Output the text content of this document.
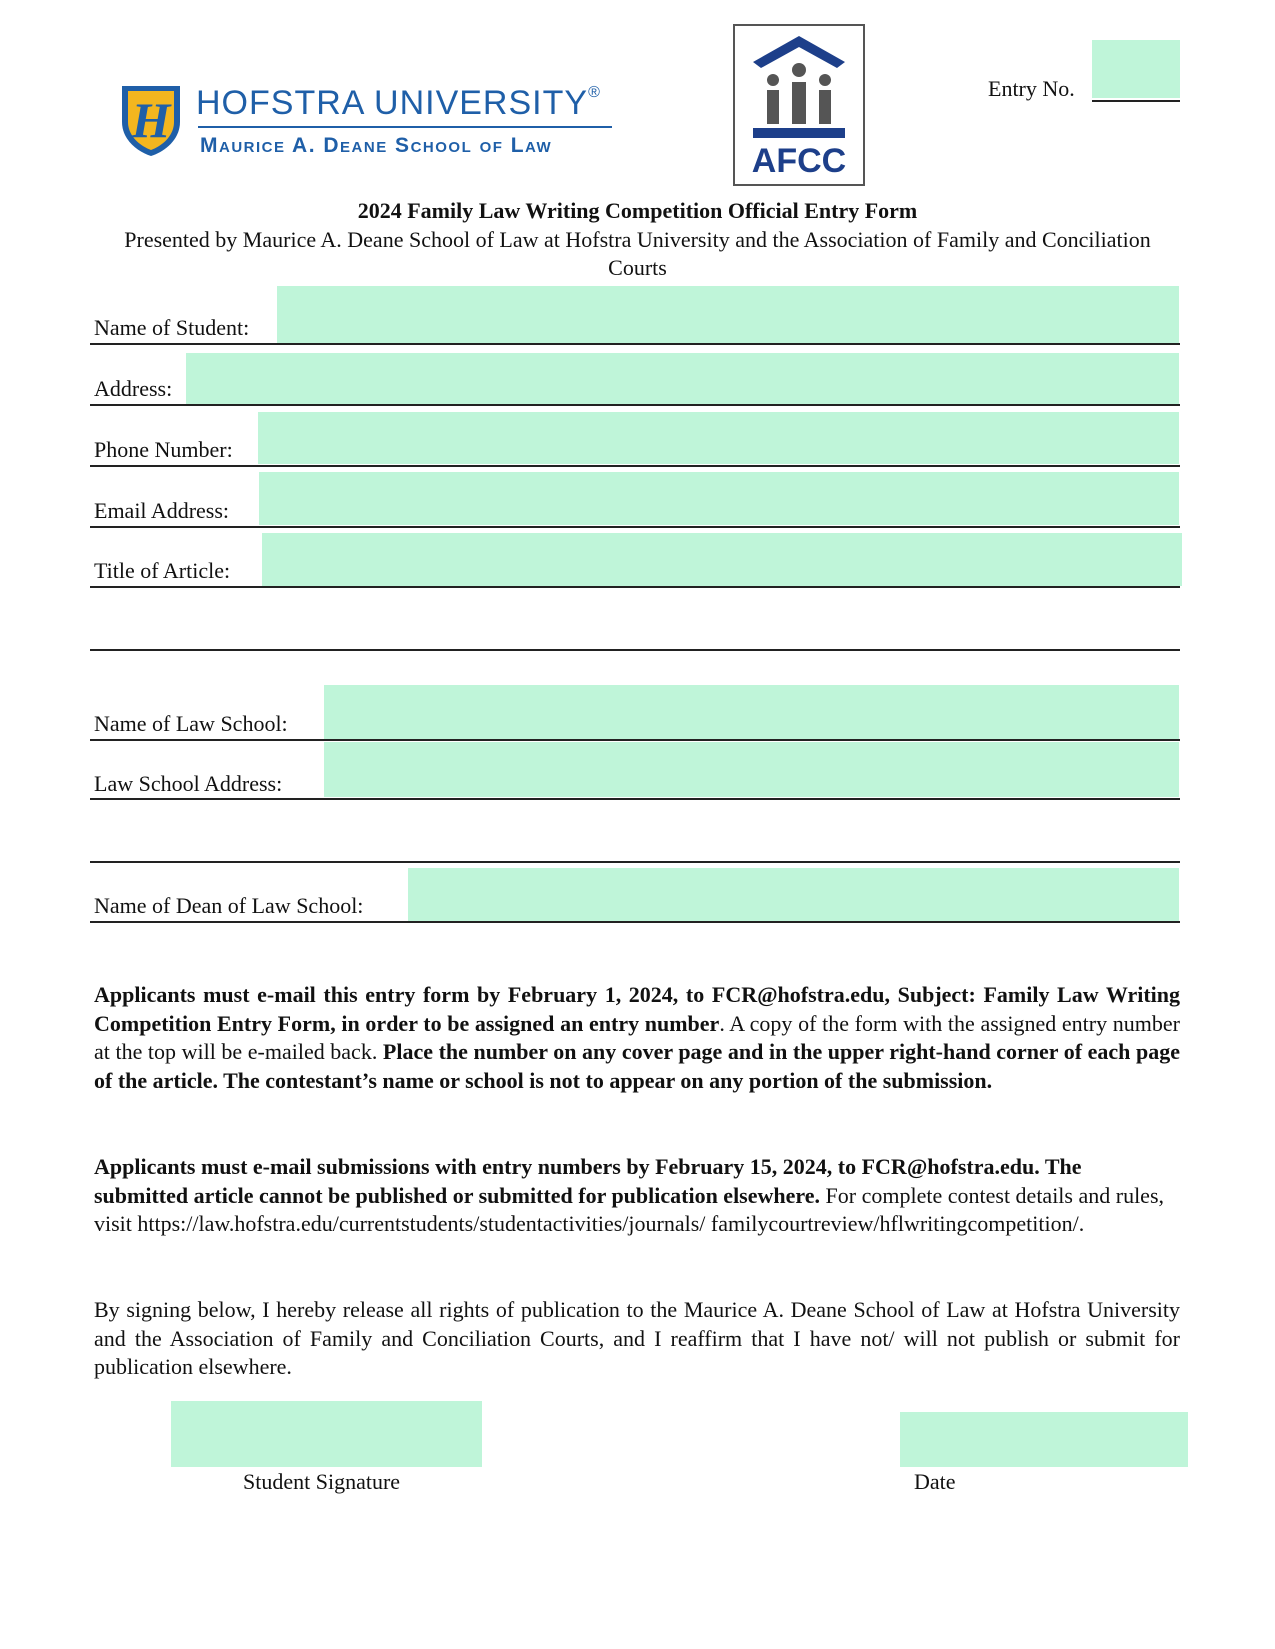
H HOFSTRA UNIVERSITY®
Maurice A. Deane School of Law	AFCC
Entry No.
2024 Family Law Writing Competition Official Entry Form
Presented by Maurice A. Deane School of Law at Hofstra University and the Association of Family and Conciliation Courts
Name of Student:
Address:
Phone Number:
Email Address:
Title of Article:
Name of Law School:
Law School Address:
Name of Dean of Law School:
Applicants must e-mail this entry form by February 1, 2024, to FCR@hofstra.edu, Subject: Family Law Writing Competition Entry Form, in order to be assigned an entry number. A copy of the form with the assigned entry number at the top will be e-mailed back. Place the number on any cover page and in the upper right-hand corner of each page of the article. The contestant’s name or school is not to appear on any portion of the submission.
Applicants must e-mail submissions with entry numbers by February 15, 2024, to FCR@hofstra.edu. The submitted article cannot be published or submitted for publication elsewhere. For complete contest details and rules, visit https://law.hofstra.edu/currentstudents/studentactivities/journals/ familycourtreview/hflwritingcompetition/.
By signing below, I hereby release all rights of publication to the Maurice A. Deane School of Law at Hofstra University and the Association of Family and Conciliation Courts, and I reaffirm that I have not/ will not publish or submit for publication elsewhere.
Student Signature	Date
